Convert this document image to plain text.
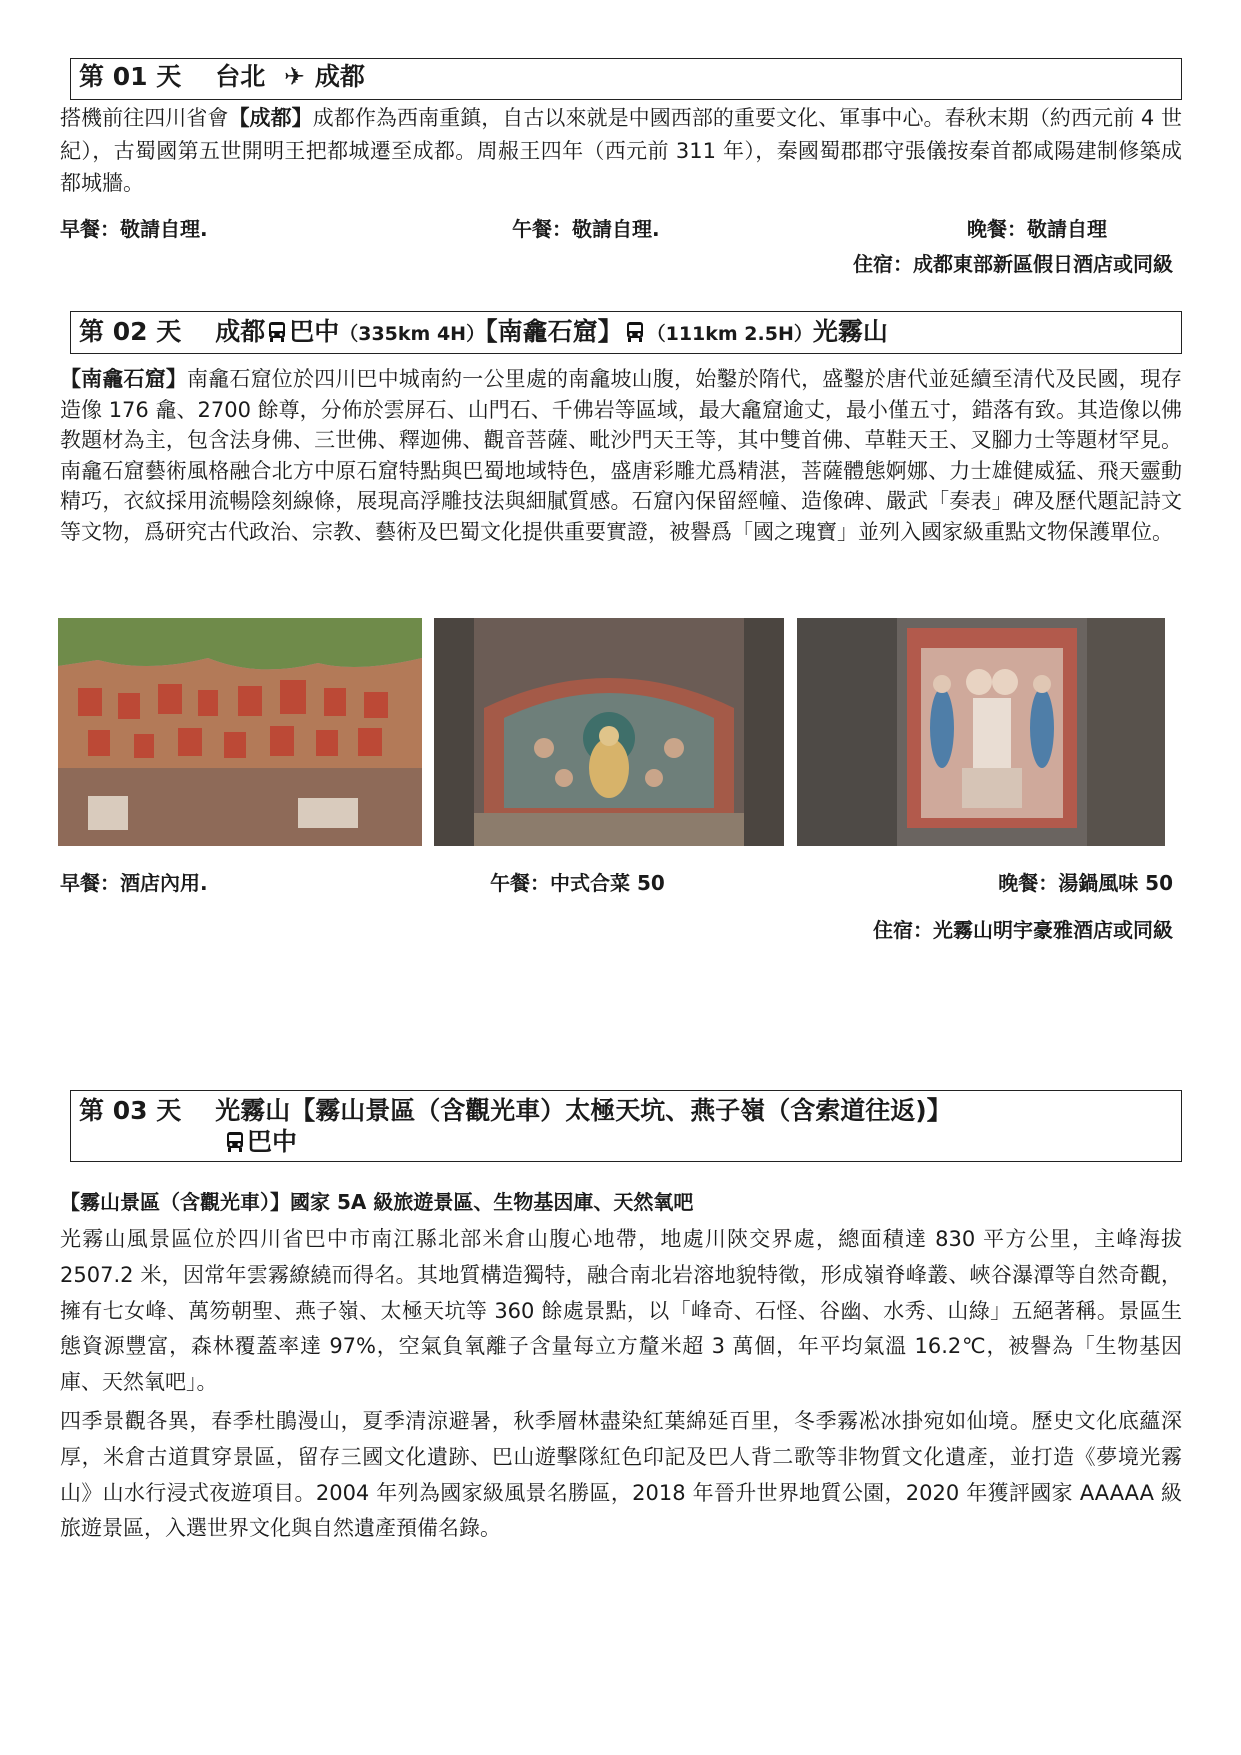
第 01 天 台北 ✈ 成都

搭機前往四川省會【成都】成都作為西南重鎮，自古以來就是中國西部的重要文化、軍事中心。春秋末期（約西元前 4 世紀），古蜀國第五世開明王把都城遷至成都。周赧王四年（西元前 311 年），秦國蜀郡郡守張儀按秦首都咸陽建制修築成都城牆。

早餐：敬請自理.	午餐：敬請自理.	晚餐：敬請自理
住宿：成都東部新區假日酒店或同級
第 02 天 成都 巴中（335km 4H）【南龕石窟】 （111km 2.5H）光霧山

【南龕石窟】南龕石窟位於四川巴中城南約一公里處的南龕坡山腹，始鑿於隋代，盛鑿於唐代並延續至清代及民國，現存造像 176 龕、2700 餘尊，分佈於雲屏石、山門石、千佛岩等區域，最大龕窟逾丈，最小僅五寸，錯落有致。其造像以佛教題材為主，包含法身佛、三世佛、釋迦佛、觀音菩薩、毗沙門天王等，其中雙首佛、草鞋天王、叉腳力士等題材罕見。南龕石窟藝術風格融合北方中原石窟特點與巴蜀地域特色，盛唐彩雕尤爲精湛，菩薩體態婀娜、力士雄健威猛、飛天靈動精巧，衣紋採用流暢陰刻線條，展現高浮雕技法與細膩質感。石窟內保留經幢、造像碑、嚴武「奏表」碑及歷代題記詩文等文物，爲研究古代政治、宗教、藝術及巴蜀文化提供重要實證，被譽爲「國之瑰寶」並列入國家級重點文物保護單位。

早餐：酒店內用.	午餐：中式合菜 50	晚餐：湯鍋風味 50
住宿：光霧山明宇豪雅酒店或同級
第 03 天 光霧山【霧山景區（含觀光車）太極天坑、燕子嶺（含索道往返)】
巴中
【霧山景區（含觀光車）】國家 5A 級旅遊景區、生物基因庫、天然氧吧

光霧山風景區位於四川省巴中市南江縣北部米倉山腹心地帶，地處川陝交界處，總面積達 830 平方公里，主峰海拔 2507.2 米，因常年雲霧繚繞而得名。其地質構造獨特，融合南北岩溶地貌特徵，形成嶺脊峰叢、峽谷瀑潭等自然奇觀，擁有七女峰、萬笏朝聖、燕子嶺、太極天坑等 360 餘處景點，以「峰奇、石怪、谷幽、水秀、山綠」五絕著稱。景區生態資源豐富，森林覆蓋率達 97%，空氣負氧離子含量每立方釐米超 3 萬個，年平均氣溫 16.2℃，被譽為「生物基因庫、天然氧吧」。

四季景觀各異，春季杜鵑漫山，夏季清涼避暑，秋季層林盡染紅葉綿延百里，冬季霧凇冰掛宛如仙境。歷史文化底蘊深厚，米倉古道貫穿景區，留存三國文化遺跡、巴山遊擊隊紅色印記及巴人背二歌等非物質文化遺產，並打造《夢境光霧山》山水行浸式夜遊項目。2004 年列為國家級風景名勝區，2018 年晉升世界地質公園，2020 年獲評國家 AAAAA 級旅遊景區，入選世界文化與自然遺產預備名錄。
